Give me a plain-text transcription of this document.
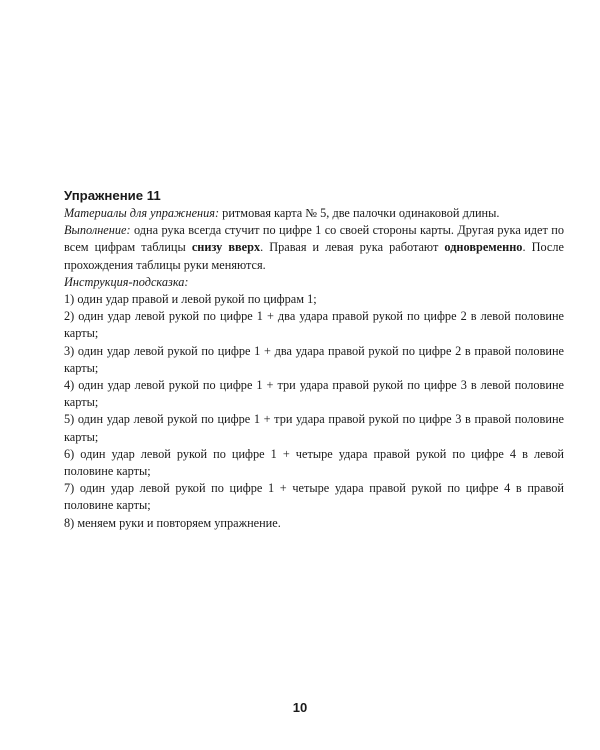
Упражнение 11

Материалы для упражнения: ритмовая карта № 5, две палочки одинаковой длины.

Выполнение: одна рука всегда стучит по цифре 1 со своей стороны карты. Другая рука идет по всем цифрам таблицы снизу вверх. Правая и левая рука работают одновременно. После прохождения таблицы руки меняются.

Инструкция-подсказка:

1) один удар правой и левой рукой по цифрам 1;

2) один удар левой рукой по цифре 1 + два удара правой рукой по цифре 2 в левой половине карты;

3) один удар левой рукой по цифре 1 + два удара правой рукой по цифре 2 в правой половине карты;

4) один удар левой рукой по цифре 1 + три удара правой рукой по цифре 3 в левой половине карты;

5) один удар левой рукой по цифре 1 + три удара правой рукой по цифре 3 в правой половине карты;

6) один удар левой рукой по цифре 1 + четыре удара правой рукой по цифре 4 в левой половине карты;

7) один удар левой рукой по цифре 1 + четыре удара правой рукой по цифре 4 в правой половине карты;

8) меняем руки и повторяем упражнение.

10
